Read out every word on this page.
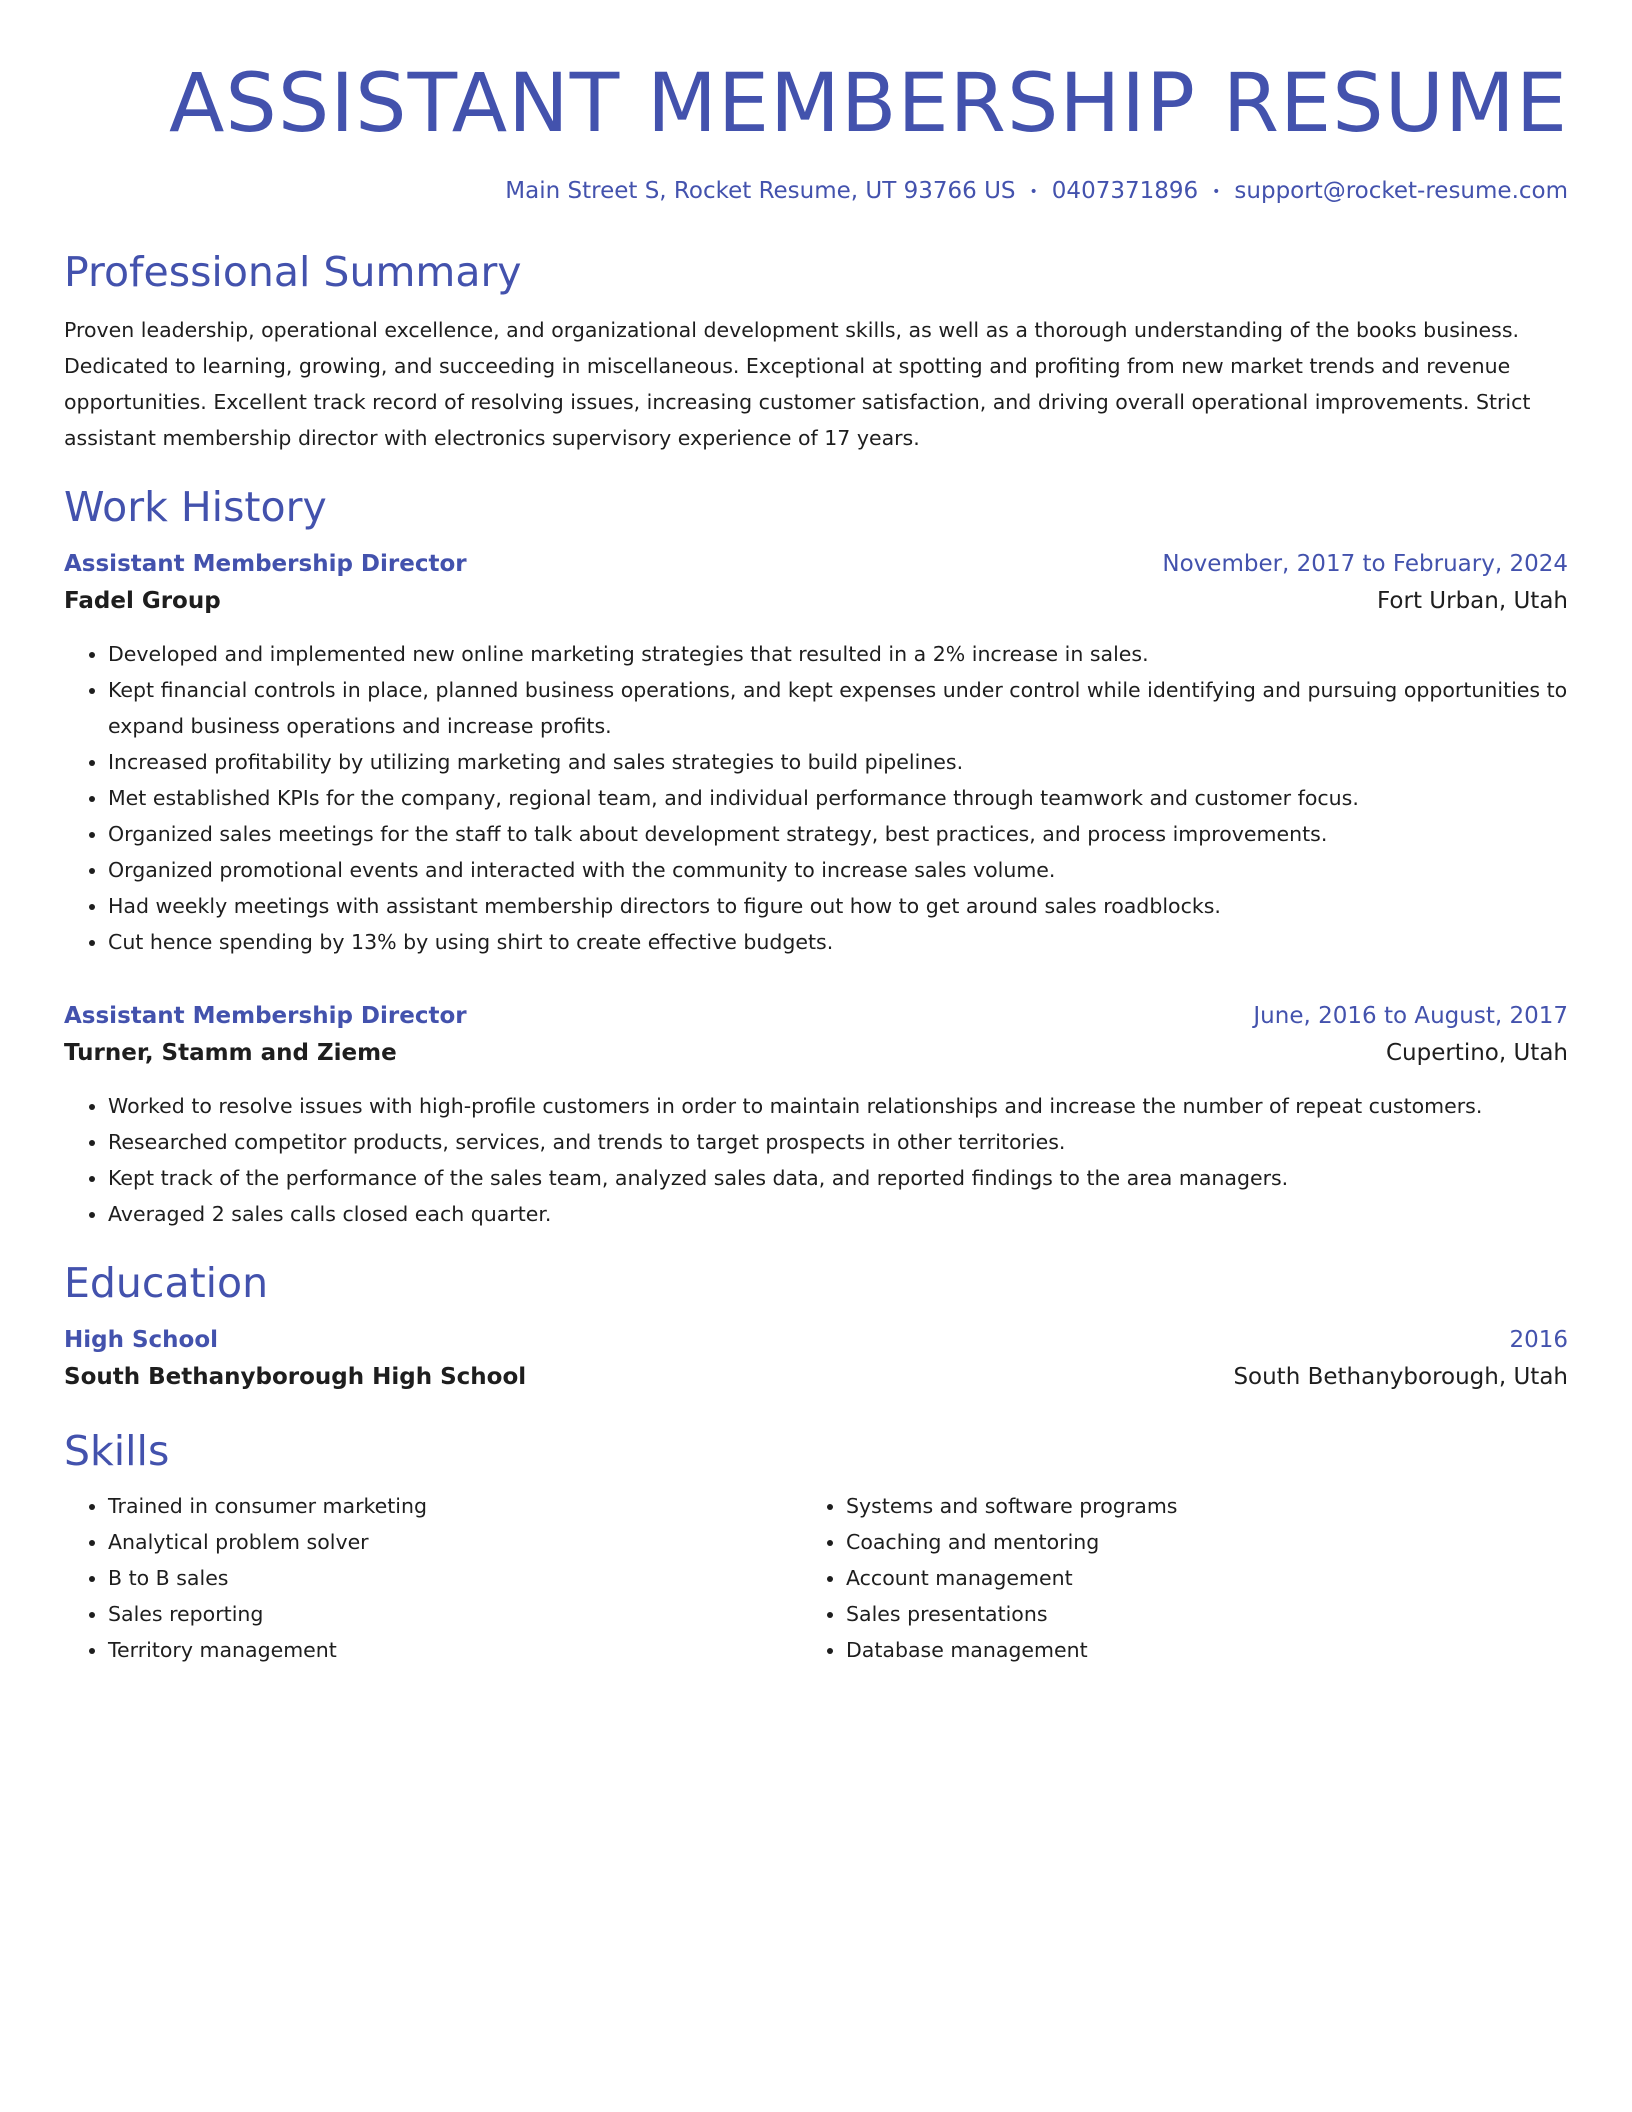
ASSISTANT MEMBERSHIP RESUME
Main Street S, Rocket Resume, UT 93766 US • 0407371896 • support@rocket-resume.com
Professional Summary

Proven leadership, operational excellence, and organizational development skills, as well as a thorough understanding of the books business. Dedicated to learning, growing, and succeeding in miscellaneous. Exceptional at spotting and profiting from new market trends and revenue opportunities. Excellent track record of resolving issues, increasing customer satisfaction, and driving overall operational improvements. Strict assistant membership director with electronics supervisory experience of 17 years.

Work History
Assistant Membership Director	November, 2017 to February, 2024
Fadel Group	Fort Urban, Utah
• Developed and implemented new online marketing strategies that resulted in a 2% increase in sales.
• Kept financial controls in place, planned business operations, and kept expenses under control while identifying and pursuing opportunities to expand business operations and increase profits.
• Increased profitability by utilizing marketing and sales strategies to build pipelines.
• Met established KPIs for the company, regional team, and individual performance through teamwork and customer focus.
• Organized sales meetings for the staff to talk about development strategy, best practices, and process improvements.
• Organized promotional events and interacted with the community to increase sales volume.
• Had weekly meetings with assistant membership directors to figure out how to get around sales roadblocks.
• Cut hence spending by 13% by using shirt to create effective budgets.
Assistant Membership Director	June, 2016 to August, 2017
Turner, Stamm and Zieme	Cupertino, Utah
• Worked to resolve issues with high-profile customers in order to maintain relationships and increase the number of repeat customers.
• Researched competitor products, services, and trends to target prospects in other territories.
• Kept track of the performance of the sales team, analyzed sales data, and reported findings to the area managers.
• Averaged 2 sales calls closed each quarter.
Education
High School	2016
South Bethanyborough High School	South Bethanyborough, Utah
Skills
• Trained in consumer marketing
• Analytical problem solver
• B to B sales
• Sales reporting
• Territory management
• Systems and software programs
• Coaching and mentoring
• Account management
• Sales presentations
• Database management
